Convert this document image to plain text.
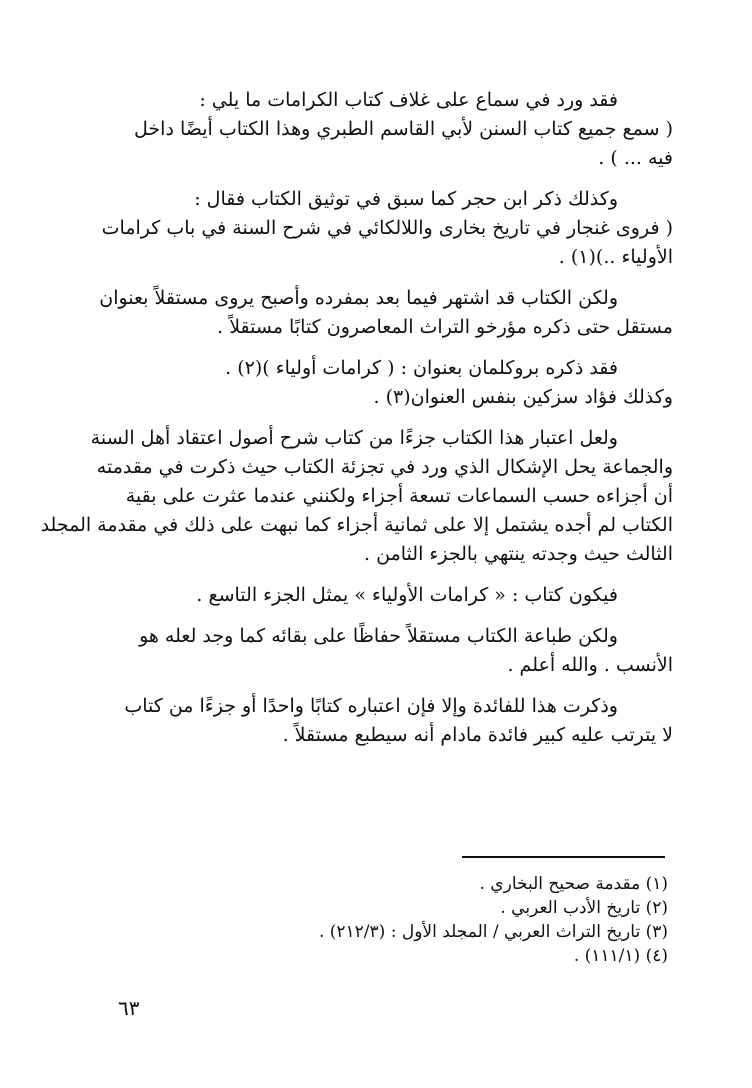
فقد ورد في سماع على غلاف كتاب الكرامات ما يلي :
( سمع جميع كتاب السنن لأبي القاسم الطبري وهذا الكتاب أيضًا داخل
فيه ... ) .
وكذلك ذكر ابن حجر كما سبق في توثيق الكتاب فقال :
( فروى غنجار في تاريخ بخارى واللالكائي في شرح السنة في باب كرامات
الأولياء ..)(١) .
ولكن الكتاب قد اشتهر فيما بعد بمفرده وأصبح يروى مستقلاً بعنوان
مستقل حتى ذكره مؤرخو التراث المعاصرون كتابًا مستقلاً .
فقد ذكره بروكلمان بعنوان : ( كرامات أولياء )(٢) .
وكذلك فؤاد سزكين بنفس العنوان(٣) .
ولعل اعتبار هذا الكتاب جزءًا من كتاب شرح أصول اعتقاد أهل السنة
والجماعة يحل الإشكال الذي ورد في تجزئة الكتاب حيث ذكرت في مقدمته
أن أجزاءه حسب السماعات تسعة أجزاء ولكنني عندما عثرت على بقية
الكتاب لم أجده يشتمل إلا على ثمانية أجزاء كما نبهت على ذلك في مقدمة المجلد
الثالث حيث وجدته ينتهي بالجزء الثامن .
فيكون كتاب : « كرامات الأولياء » يمثل الجزء التاسع .
ولكن طباعة الكتاب مستقلاً حفاظًا على بقائه كما وجد لعله هو
الأنسب . والله أعلم .
وذكرت هذا للفائدة وإلا فإن اعتباره كتابًا واحدًا أو جزءًا من كتاب
لا يترتب عليه كبير فائدة مادام أنه سيطبع مستقلاً .
(١) مقدمة صحيح البخاري .
(٢) تاريخ الأدب العربي .
(٣) تاريخ التراث العربي / المجلد الأول : (٢١٢/٣) .
(٤) (١١١/١) .
٦٣
